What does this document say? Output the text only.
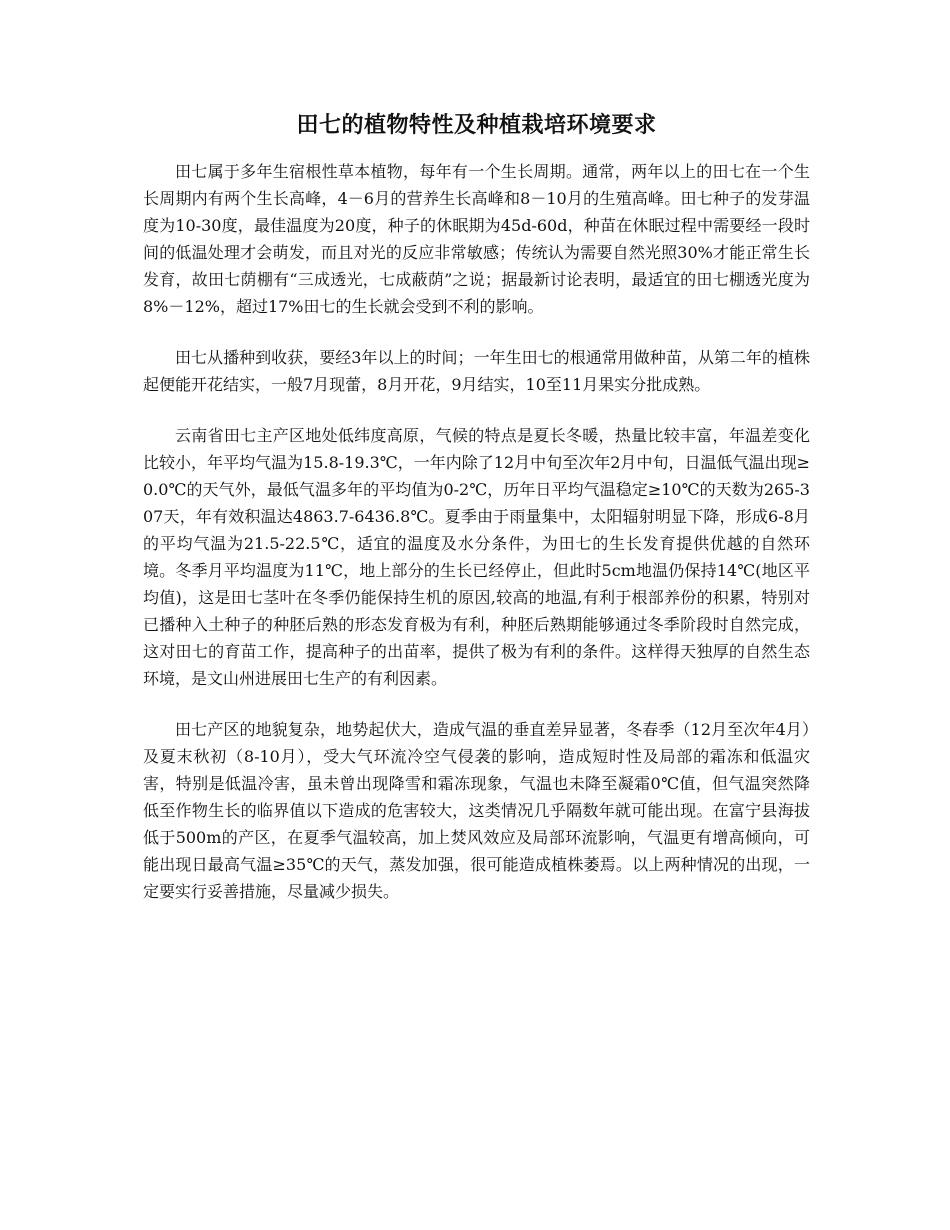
田七的植物特性及种植栽培环境要求

田七属于多年生宿根性草本植物，每年有一个生长周期。通常，两年以上的田七在一个生长周期内有两个生长高峰，4－6月的营养生长高峰和8－10月的生殖高峰。田七种子的发芽温度为10-30度，最佳温度为20度，种子的休眠期为45d-60d，种苗在休眠过程中需要经一段时间的低温处理才会萌发，而且对光的反应非常敏感；传统认为需要自然光照30%才能正常生长发育，故田七荫棚有“三成透光，七成蔽荫”之说；据最新讨论表明，最适宜的田七棚透光度为8%－12%，超过17%田七的生长就会受到不利的影响。

田七从播种到收获，要经3年以上的时间；一年生田七的根通常用做种苗，从第二年的植株起便能开花结实，一般7月现蕾，8月开花，9月结实，10至11月果实分批成熟。

云南省田七主产区地处低纬度高原，气候的特点是夏长冬暖，热量比较丰富，年温差变化比较小，年平均气温为15.8-19.3℃，一年内除了12月中旬至次年2月中旬，日温低气温出现≥0.0℃的天气外，最低气温多年的平均值为0-2℃，历年日平均气温稳定≥10℃的天数为265-307天，年有效积温达4863.7-6436.8℃。夏季由于雨量集中，太阳辐射明显下降，形成6-8月的平均气温为21.5-22.5℃，适宜的温度及水分条件，为田七的生长发育提供优越的自然环境。冬季月平均温度为11℃，地上部分的生长已经停止，但此时5cm地温仍保持14℃(地区平均值)，这是田七茎叶在冬季仍能保持生机的原因,较高的地温,有利于根部养份的积累，特别对已播种入土种子的种胚后熟的形态发育极为有利，种胚后熟期能够通过冬季阶段时自然完成，这对田七的育苗工作，提高种子的出苗率，提供了极为有利的条件。这样得天独厚的自然生态环境，是文山州进展田七生产的有利因素。

田七产区的地貌复杂，地势起伏大，造成气温的垂直差异显著，冬春季（12月至次年4月）及夏末秋初（8-10月），受大气环流冷空气侵袭的影响，造成短时性及局部的霜冻和低温灾害，特别是低温冷害，虽未曾出现降雪和霜冻现象，气温也未降至凝霜0℃值，但气温突然降低至作物生长的临界值以下造成的危害较大，这类情况几乎隔数年就可能出现。在富宁县海拔低于500m的产区，在夏季气温较高，加上焚风效应及局部环流影响，气温更有增高倾向，可能出现日最高气温≥35℃的天气，蒸发加强，很可能造成植株萎焉。以上两种情况的出现，一定要实行妥善措施，尽量减少损失。
